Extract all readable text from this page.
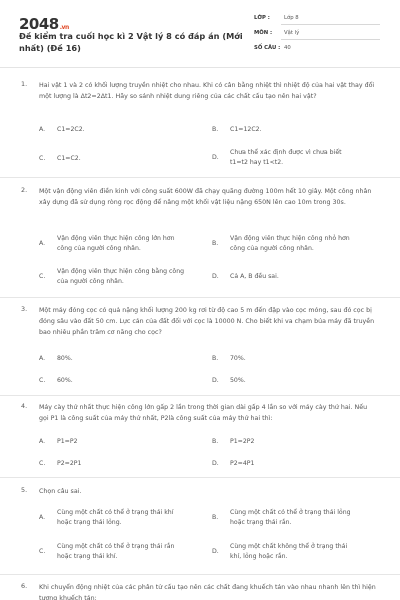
2048.vn
Đề kiểm tra cuối học kì 2 Vật lý 8 có đáp án (Mới nhất) (Đề 16)
LỚP :	Lớp 8
MÔN : Vật lý
SỐ CÂU : 40
1. Hai vật 1 và 2 có khối lượng truyền nhiệt cho nhau. Khi có cân bằng nhiệt thì nhiệt độ của hai vật thay đổi một lượng là Δt2=2Δt1. Hãy so sánh nhiệt dung riêng của các chất cấu tạo nên hai vật?

A. C1=2C2.	B. C1=12C2.
C. C1=C2.	D.
Chưa thể xác định được vì chưa biết t1=t2 hay t1<t2.
2. Một vận động viên điền kinh với công suất 600W đã chạy quãng đường 100m hết 10 giây. Một công nhân xây dựng đã sử dụng ròng rọc động để nâng một khối vật liệu nặng 650N lên cao 10m trong 30s.

A.
Vận động viên thực hiện công lớn hơn công của người công nhân.
B.
Vận động viên thực hiện công nhỏ hơn công của người công nhân.
C.
Vận động viên thực hiện công bằng công của người công nhân.
D. Cả A, B đều sai.
3. Một máy đóng cọc có quả nặng khối lượng 200 kg rơi từ độ cao 5 m đến đập vào cọc móng, sau đó cọc bị đóng sâu vào đất 50 cm. Lực cản của đất đối với cọc là 10000 N. Cho biết khi va chạm búa máy đã truyền bao nhiêu phần trăm cơ năng cho cọc?

A. 80%.	B. 70%.
C. 60%.	D. 50%.
4. Máy cày thứ nhất thực hiện công lớn gấp 2 lần trong thời gian dài gấp 4 lần so với máy cày thứ hai. Nếu gọi P1 là công suất của máy thứ nhất, P2là công suất của máy thứ hai thì:

A. P1=P2	B. P1=2P2
C. P2=2P1	D. P2=4P1
5. Chọn câu sai.

A.
Cùng một chất có thể ở trạng thái khí hoặc trạng thái lỏng.
B.
Cùng một chất có thể ở trạng thái lỏng hoặc trạng thái rắn.
C.
Cùng một chất có thể ở trạng thái rắn hoặc trạng thái khí.
D.
Cùng một chất không thể ở trạng thái khí, lỏng hoặc rắn.
6. Khi chuyển động nhiệt của các phân tử cấu tạo nên các chất đang khuếch tán vào nhau nhanh lên thì hiện tượng khuếch tán:
